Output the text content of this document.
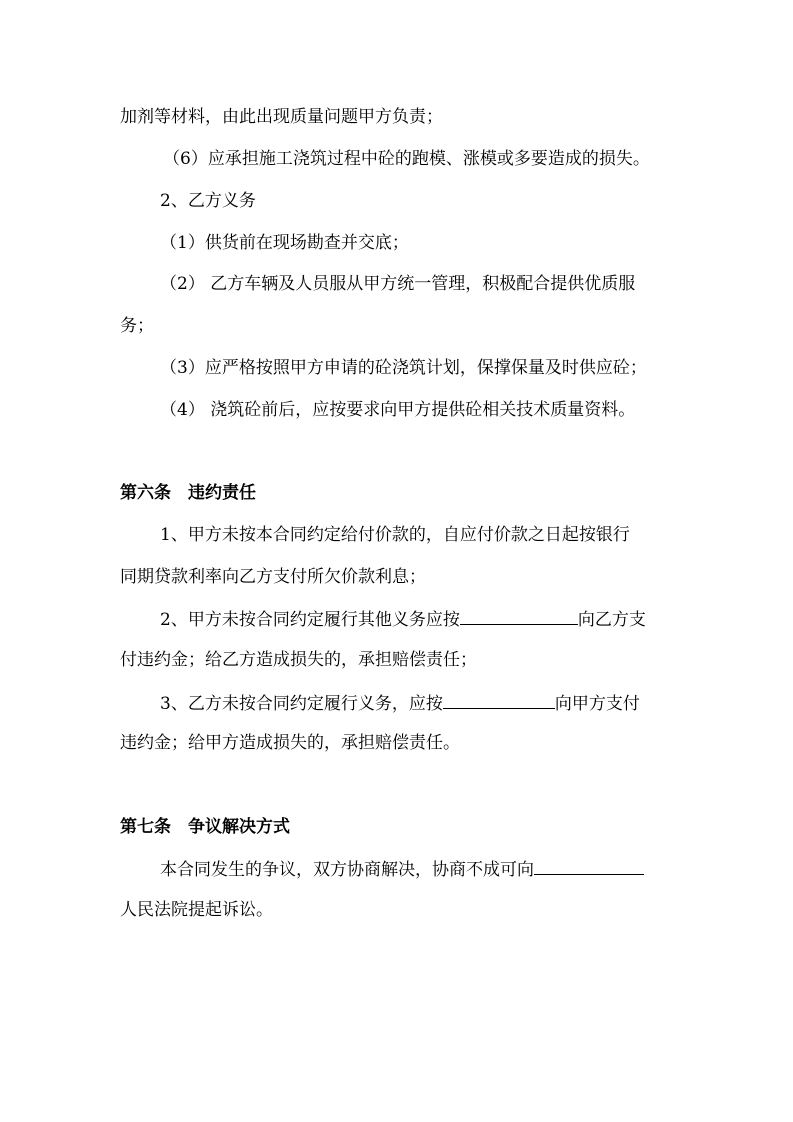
加剂等材料，由此出现质量问题甲方负责；
（6）应承担施工浇筑过程中砼的跑模、涨模或多要造成的损失。
2、乙方义务
（1）供货前在现场勘查并交底；
（2） 乙方车辆及人员服从甲方统一管理，积极配合提供优质服
务；
（3）应严格按照甲方申请的砼浇筑计划，保撑保量及时供应砼；
（4） 浇筑砼前后，应按要求向甲方提供砼相关技术质量资料。
第六条　违约责任
1、甲方未按本合同约定给付价款的，自应付价款之日起按银行
同期贷款利率向乙方支付所欠价款利息；
2、甲方未按合同约定履行其他义务应按	向乙方支
付违约金；给乙方造成损失的，承担赔偿责任；
3、乙方未按合同约定履行义务，应按	向甲方支付
违约金；给甲方造成损失的，承担赔偿责任。
第七条　争议解决方式
本合同发生的争议，双方协商解决，协商不成可向
人民法院提起诉讼。
